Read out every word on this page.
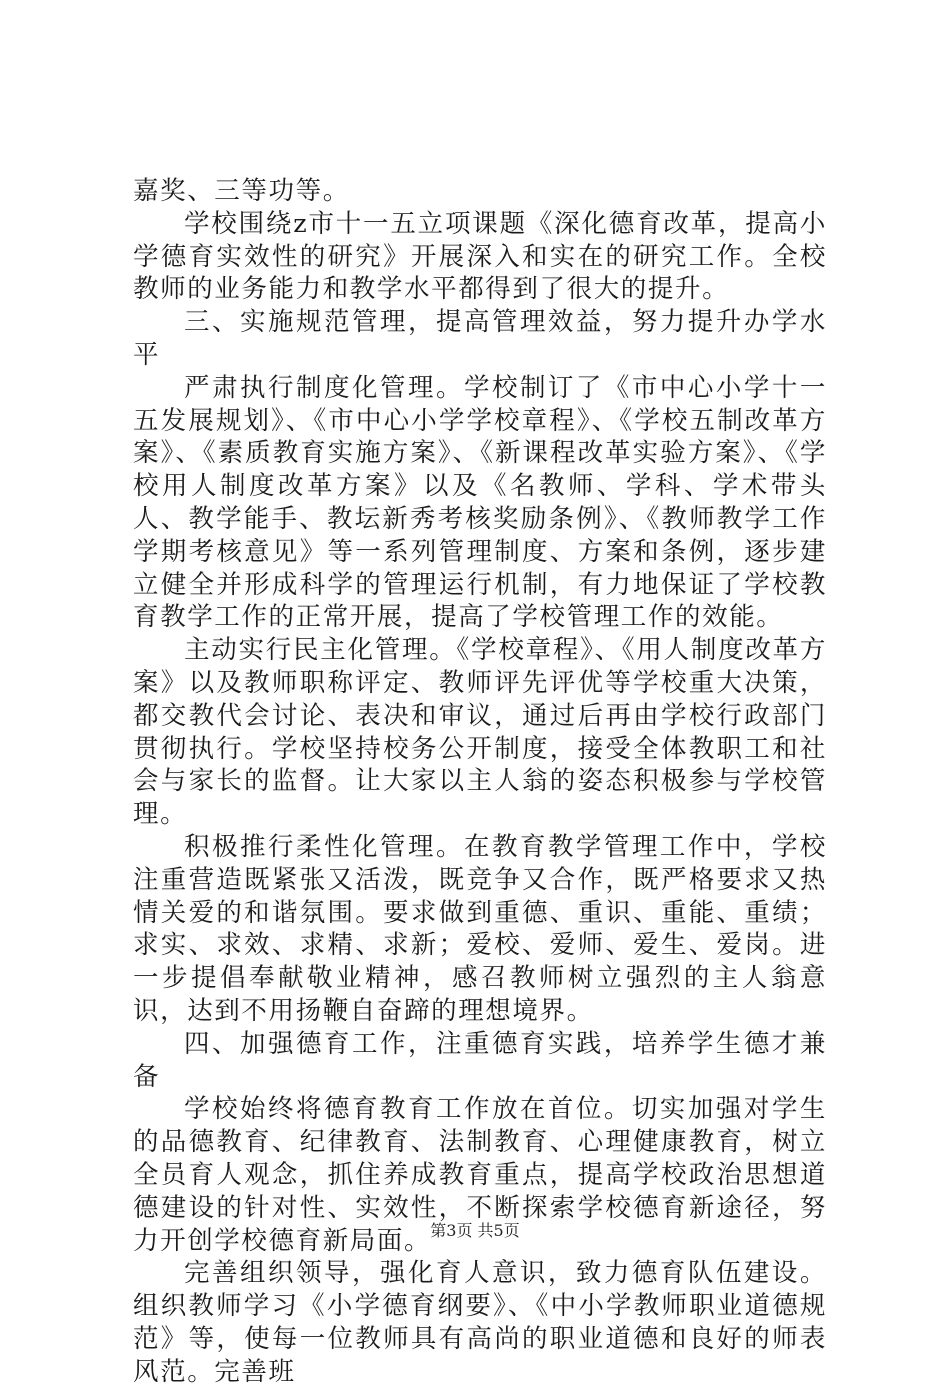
嘉奖、三等功等。

学校围绕z市十一五立项课题《深化德育改革，提高小学德育实效性的研究》开展深入和实在的研究工作。全校教师的业务能力和教学水平都得到了很大的提升。

三、实施规范管理，提高管理效益，努力提升办学水平

严肃执行制度化管理。学校制订了《市中心小学十一五发展规划》、《市中心小学学校章程》、《学校五制改革方案》、《素质教育实施方案》、《新课程改革实验方案》、《学校用人制度改革方案》以及《名教师、学科、学术带头人、教学能手、教坛新秀考核奖励条例》、《教师教学工作学期考核意见》等一系列管理制度、方案和条例，逐步建立健全并形成科学的管理运行机制，有力地保证了学校教育教学工作的正常开展，提高了学校管理工作的效能。

主动实行民主化管理。《学校章程》、《用人制度改革方案》以及教师职称评定、教师评先评优等学校重大决策，都交教代会讨论、表决和审议，通过后再由学校行政部门贯彻执行。学校坚持校务公开制度，接受全体教职工和社会与家长的监督。让大家以主人翁的姿态积极参与学校管理。

积极推行柔性化管理。在教育教学管理工作中，学校注重营造既紧张又活泼，既竞争又合作，既严格要求又热情关爱的和谐氛围。要求做到重德、重识、重能、重绩；求实、求效、求精、求新；爱校、爱师、爱生、爱岗。进一步提倡奉献敬业精神，感召教师树立强烈的主人翁意识，达到不用扬鞭自奋蹄的理想境界。

四、加强德育工作，注重德育实践，培养学生德才兼备

学校始终将德育教育工作放在首位。切实加强对学生的品德教育、纪律教育、法制教育、心理健康教育，树立全员育人观念，抓住养成教育重点，提高学校政治思想道德建设的针对性、实效性，不断探索学校德育新途径，努力开创学校德育新局面。

完善组织领导，强化育人意识，致力德育队伍建设。组织教师学习《小学德育纲要》、《中小学教师职业道德规范》等，使每一位教师具有高尚的职业道德和良好的师表风范。完善班

第3页 共5页
